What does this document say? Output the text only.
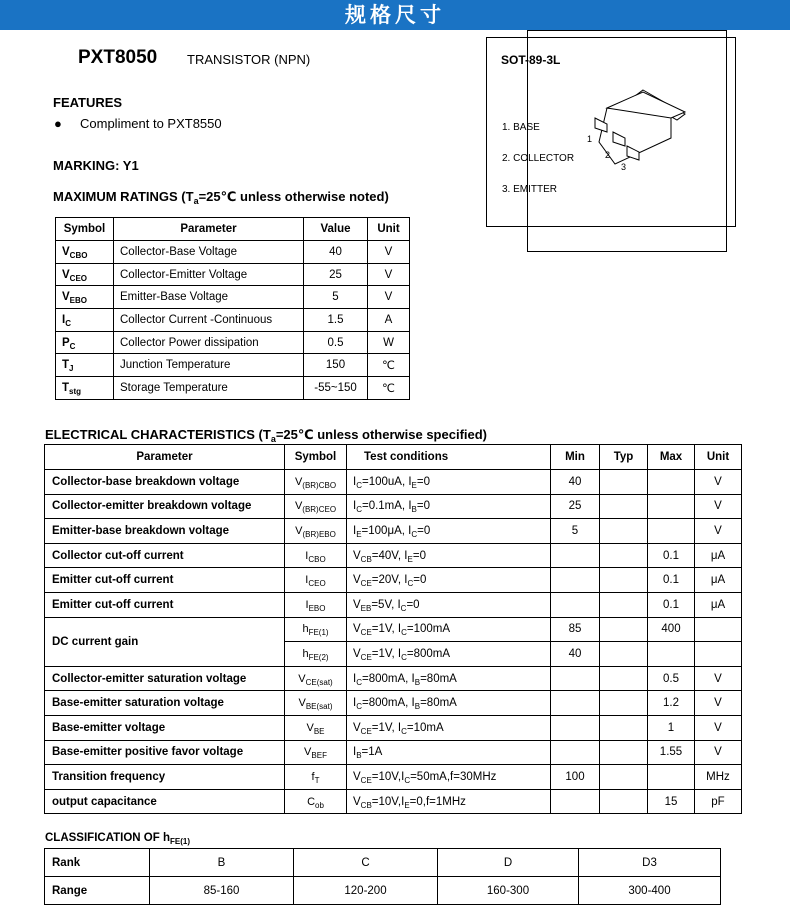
规格尺寸
PXT8050 TRANSISTOR (NPN)
FEATURES
● Compliment to PXT8550
MARKING: Y1
MAXIMUM RATINGS ($T_a=25℃$ unless otherwise noted)
SOT-89-3L
1. BASE
2. COLLECTOR
3. EMITTER
1
2
3
Symbol	Parameter	Value	Unit
$V_{CBO}$	Collector-Base Voltage	40	V
$V_{CEO}$	Collector-Emitter Voltage	25	V
$V_{EBO}$	Emitter-Base Voltage	5	V
$I_C$	Collector Current -Continuous	1.5	A
$P_C$	Collector Power dissipation	0.5	W
$T_J$	Junction Temperature	150	℃
$T_{stg}$	Storage Temperature	-55~150	℃
ELECTRICAL CHARACTERISTICS ($T_a=25℃$ unless otherwise specified)
Parameter	Symbol	Test conditions	Min	Typ	Max	Unit
Collector-base breakdown voltage	$V_{(BR)CBO}$	$I_C=100uA$, $I_E=0$	40			V
Collector-emitter breakdown voltage	$V_{(BR)CEO}$	$I_C=0.1mA$, $I_B=0$	25			V
Emitter-base breakdown voltage	$V_{(BR)EBO}$	$I_E=100\mu A$, $I_C=0$	5			V
Collector cut-off current	$I_{CBO}$	$V_{CB}=40V$, $I_E=0$			0.1	μA
Emitter cut-off current	$I_{CEO}$	$V_{CE}=20V$, $I_C=0$			0.1	μA
Emitter cut-off current	$I_{EBO}$	$V_{EB}=5V$, $I_C=0$			0.1	μA
DC current gain	$h_{FE(1)}$	$V_{CE}=1V$, $I_C=100mA$	85		400	
	$h_{FE(2)}$	$V_{CE}=1V$, $I_C=800mA$	40			
Collector-emitter saturation voltage	$V_{CE(sat)}$	$I_C=800mA$, $I_B=80mA$			0.5	V
Base-emitter saturation voltage	$V_{BE(sat)}$	$I_C=800mA$, $I_B=80mA$			1.2	V
Base-emitter voltage	$V_{BE}$	$V_{CE}=1V$, $I_C=10mA$			1	V
Base-emitter positive favor voltage	$V_{BEF}$	$I_B=1A$			1.55	V
Transition frequency	$f_T$	$V_{CE}=10V,I_C=50mA,f=30MHz$	100			MHz
output capacitance	$C_{ob}$	$V_{CB}=10V,I_E=0,f=1MHz$			15	pF
CLASSIFICATION OF $h_{FE(1)}$
Rank	B	C	D	D3
Range	85-160	120-200	160-300	300-400
